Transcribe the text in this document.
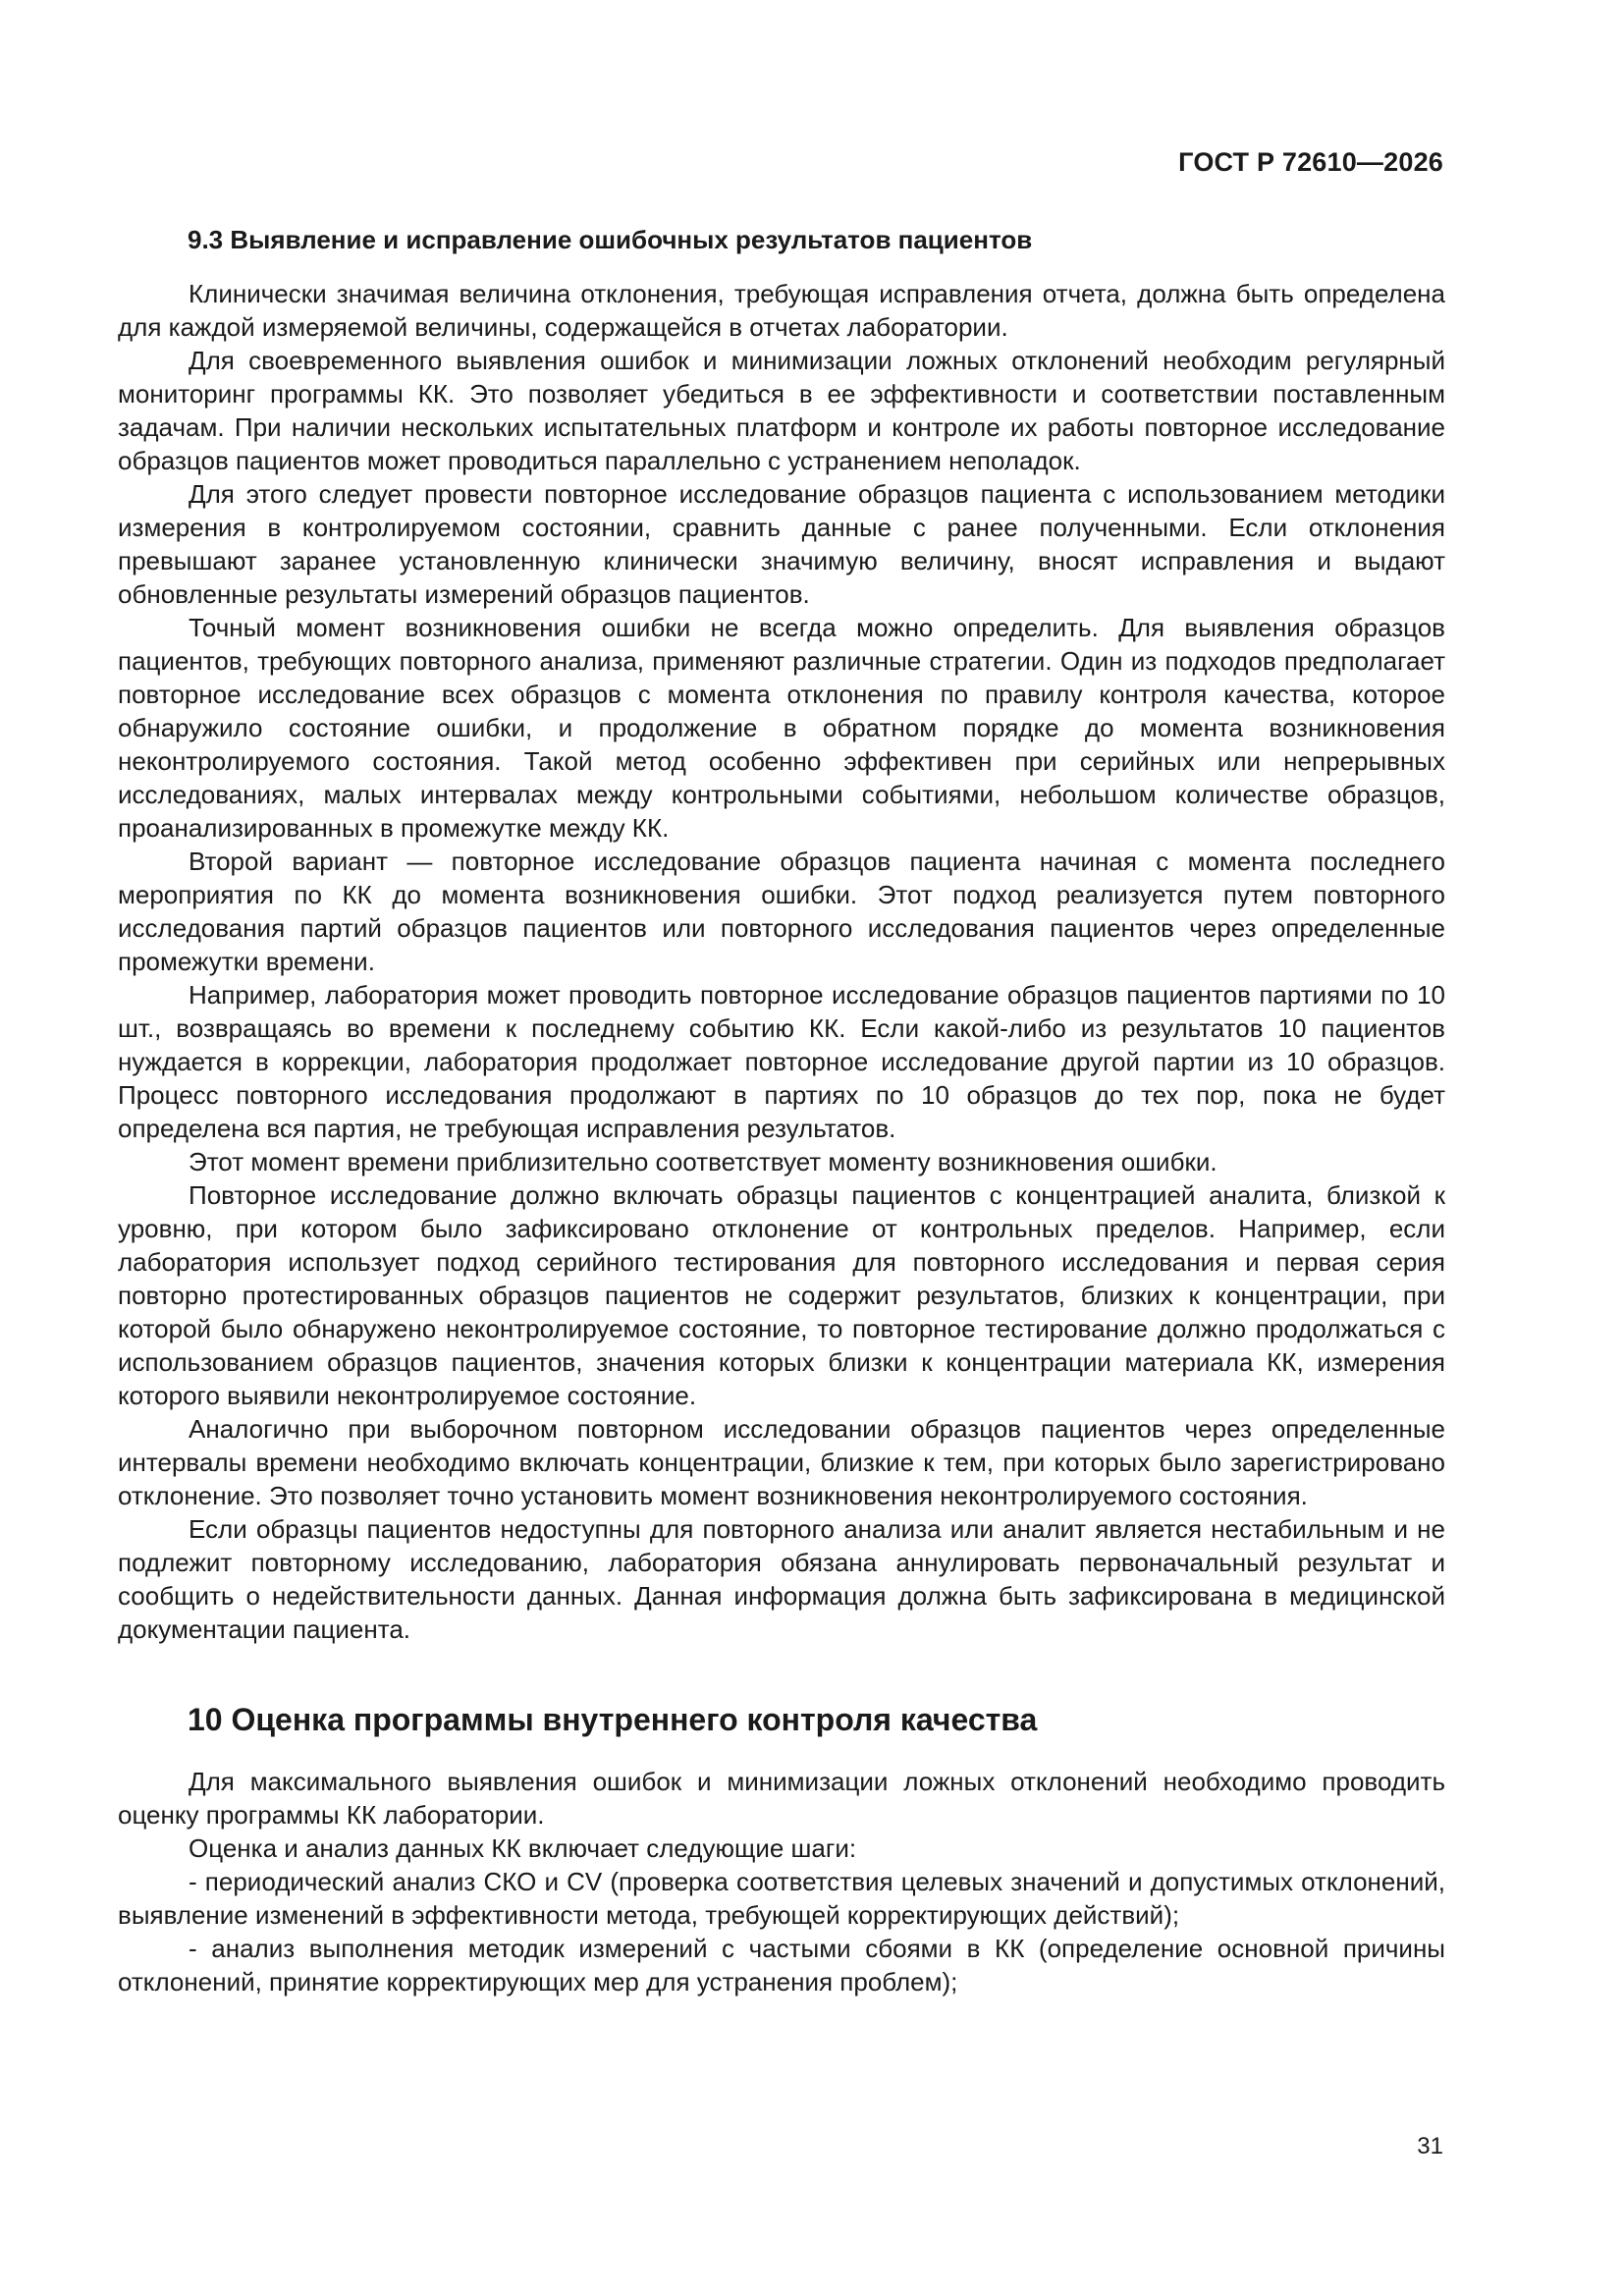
ГОСТ Р 72610—2026
9.3 Выявление и исправление ошибочных результатов пациентов

Клинически значимая величина отклонения, требующая исправления отчета, должна быть определена для каждой измеряемой величины, содержащейся в отчетах лаборатории.

Для своевременного выявления ошибок и минимизации ложных отклонений необходим регулярный мониторинг программы КК. Это позволяет убедиться в ее эффективности и соответствии поставленным задачам. При наличии нескольких испытательных платформ и контроле их работы повторное исследование образцов пациентов может проводиться параллельно с устранением неполадок.

Для этого следует провести повторное исследование образцов пациента с использованием методики измерения в контролируемом состоянии, сравнить данные с ранее полученными. Если отклонения превышают заранее установленную клинически значимую величину, вносят исправления и выдают обновленные результаты измерений образцов пациентов.

Точный момент возникновения ошибки не всегда можно определить. Для выявления образцов пациентов, требующих повторного анализа, применяют различные стратегии. Один из подходов предполагает повторное исследование всех образцов с момента отклонения по правилу контроля качества, которое обнаружило состояние ошибки, и продолжение в обратном порядке до момента возникновения неконтролируемого состояния. Такой метод особенно эффективен при серийных или непрерывных исследованиях, малых интервалах между контрольными событиями, небольшом количестве образцов, проанализированных в промежутке между КК.

Второй вариант — повторное исследование образцов пациента начиная с момента последнего мероприятия по КК до момента возникновения ошибки. Этот подход реализуется путем повторного исследования партий образцов пациентов или повторного исследования пациентов через определенные промежутки времени.

Например, лаборатория может проводить повторное исследование образцов пациентов партиями по 10 шт., возвращаясь во времени к последнему событию КК. Если какой-либо из результатов 10 пациентов нуждается в коррекции, лаборатория продолжает повторное исследование другой партии из 10 образцов. Процесс повторного исследования продолжают в партиях по 10 образцов до тех пор, пока не будет определена вся партия, не требующая исправления результатов.

Этот момент времени приблизительно соответствует моменту возникновения ошибки.

Повторное исследование должно включать образцы пациентов с концентрацией аналита, близкой к уровню, при котором было зафиксировано отклонение от контрольных пределов. Например, если лаборатория использует подход серийного тестирования для повторного исследования и первая серия повторно протестированных образцов пациентов не содержит результатов, близких к концентрации, при которой было обнаружено неконтролируемое состояние, то повторное тестирование должно продолжаться с использованием образцов пациентов, значения которых близки к концентрации материала КК, измерения которого выявили неконтролируемое состояние.

Аналогично при выборочном повторном исследовании образцов пациентов через определенные интервалы времени необходимо включать концентрации, близкие к тем, при которых было зарегистрировано отклонение. Это позволяет точно установить момент возникновения неконтролируемого состояния.

Если образцы пациентов недоступны для повторного анализа или аналит является нестабильным и не подлежит повторному исследованию, лаборатория обязана аннулировать первоначальный результат и сообщить о недействительности данных. Данная информация должна быть зафиксирована в медицинской документации пациента.

10 Оценка программы внутреннего контроля качества

Для максимального выявления ошибок и минимизации ложных отклонений необходимо проводить оценку программы КК лаборатории.

Оценка и анализ данных КК включает следующие шаги:

- периодический анализ СКО и CV (проверка соответствия целевых значений и допустимых отклонений, выявление изменений в эффективности метода, требующей корректирующих действий);

- анализ выполнения методик измерений с частыми сбоями в КК (определение основной причины отклонений, принятие корректирующих мер для устранения проблем);

31
